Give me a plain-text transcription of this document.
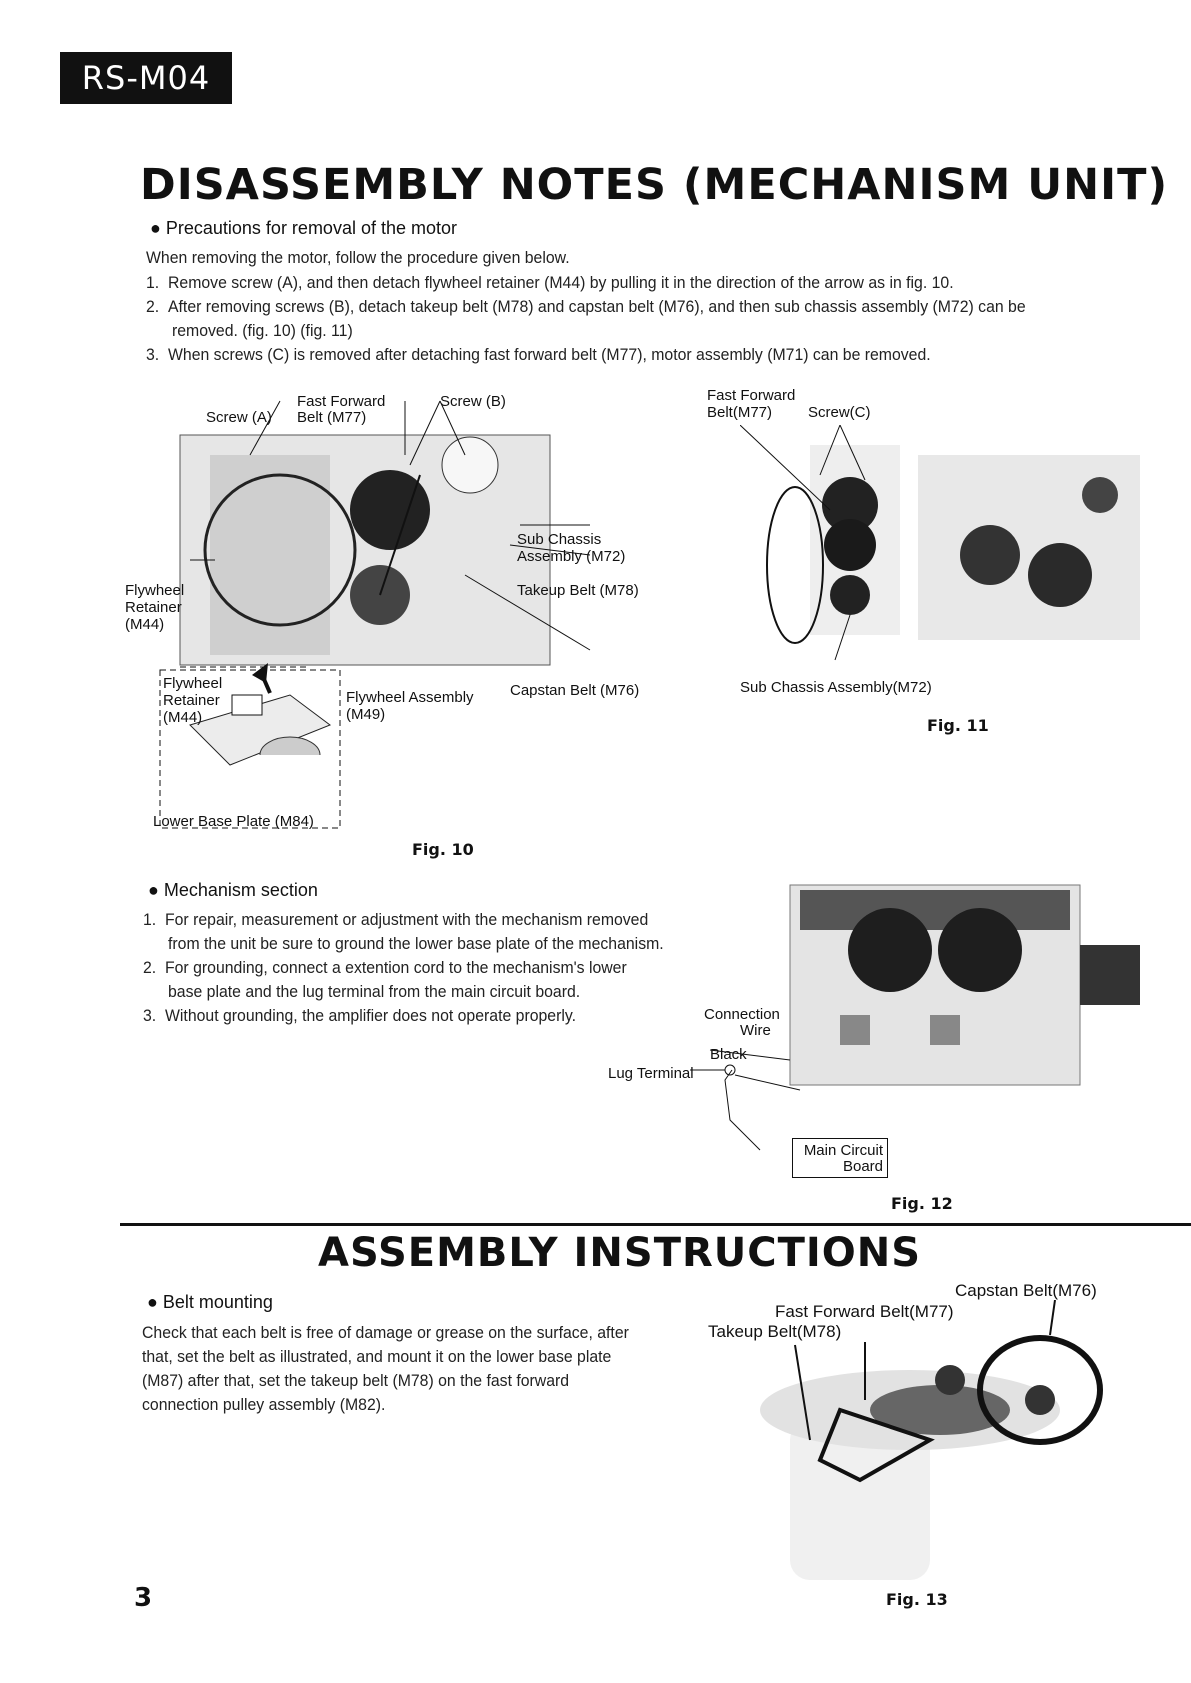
RS-M04
DISASSEMBLY NOTES (MECHANISM UNIT)
● Precautions for removal of the motor
When removing the motor, follow the procedure given below.
1. Remove screw (A), and then detach flywheel retainer (M44) by pulling it in the direction of the arrow as in fig. 10.
2. After removing screws (B), detach takeup belt (M78) and capstan belt (M76), and then sub chassis assembly (M72) can be
removed. (fig. 10) (fig. 11)
3. When screws (C) is removed after detaching fast forward belt (M77), motor assembly (M71) can be removed.
Fast Forward
Belt (M77)
Screw (A)
Screw (B)
Sub Chassis
Assembly (M72)
Takeup Belt (M78)
Flywheel
Retainer
(M44)
Capstan Belt (M76)
Flywheel Assembly
(M49)
Flywheel
Retainer
(M44)
Lower Base Plate (M84)
Fig. 10
Fast Forward
Belt(M77) Screw(C)
Sub Chassis Assembly(M72)
Fig. 11
● Mechanism section
1. For repair, measurement or adjustment with the mechanism removed
from the unit be sure to ground the lower base plate of the mechanism.
2. For grounding, connect a extention cord to the mechanism's lower
base plate and the lug terminal from the main circuit board.
3. Without grounding, the amplifier does not operate properly.	Connection
Wire
Black
Lug Terminal
Main Circuit
Board
Fig. 12
ASSEMBLY INSTRUCTIONS
● Belt mounting
Check that each belt is free of damage or grease on the surface, after
that, set the belt as illustrated, and mount it on the lower base plate
(M87) after that, set the takeup belt (M78) on the fast forward
connection pulley assembly (M82).
Capstan Belt(M76)
Fast Forward Belt(M77)
Takeup Belt(M78)
Fig. 13
3
